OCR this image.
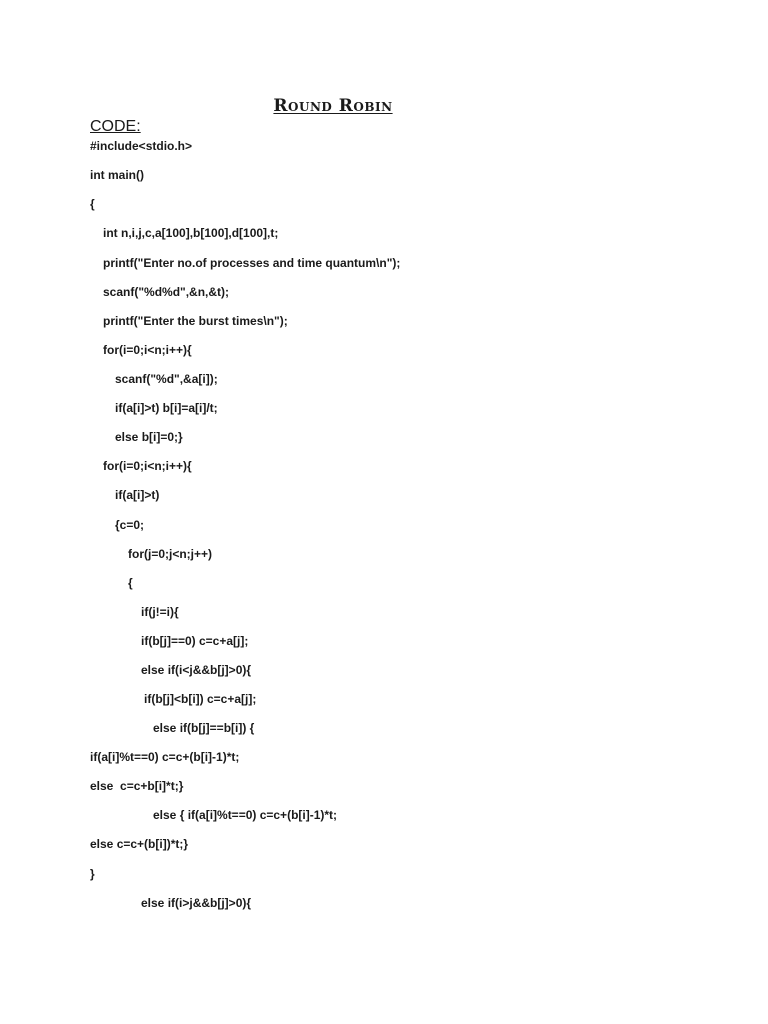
Round Robin
CODE:
#include<stdio.h>
int main()
{
int n,i,j,c,a[100],b[100],d[100],t;
printf("Enter no.of processes and time quantum\n");
scanf("%d%d",&n,&t);
printf("Enter the burst times\n");
for(i=0;i<n;i++){
scanf("%d",&a[i]);
if(a[i]>t) b[i]=a[i]/t;
else b[i]=0;}
for(i=0;i<n;i++){
if(a[i]>t)
{c=0;
for(j=0;j<n;j++)
{
if(j!=i){
if(b[j]==0) c=c+a[j];
else if(i<j&&b[j]>0){
if(b[j]<b[i]) c=c+a[j];
else if(b[j]==b[i]) {
if(a[i]%t==0) c=c+(b[i]-1)*t;
else  c=c+b[i]*t;}
else { if(a[i]%t==0) c=c+(b[i]-1)*t;
else c=c+(b[i])*t;}
}
else if(i>j&&b[j]>0){
